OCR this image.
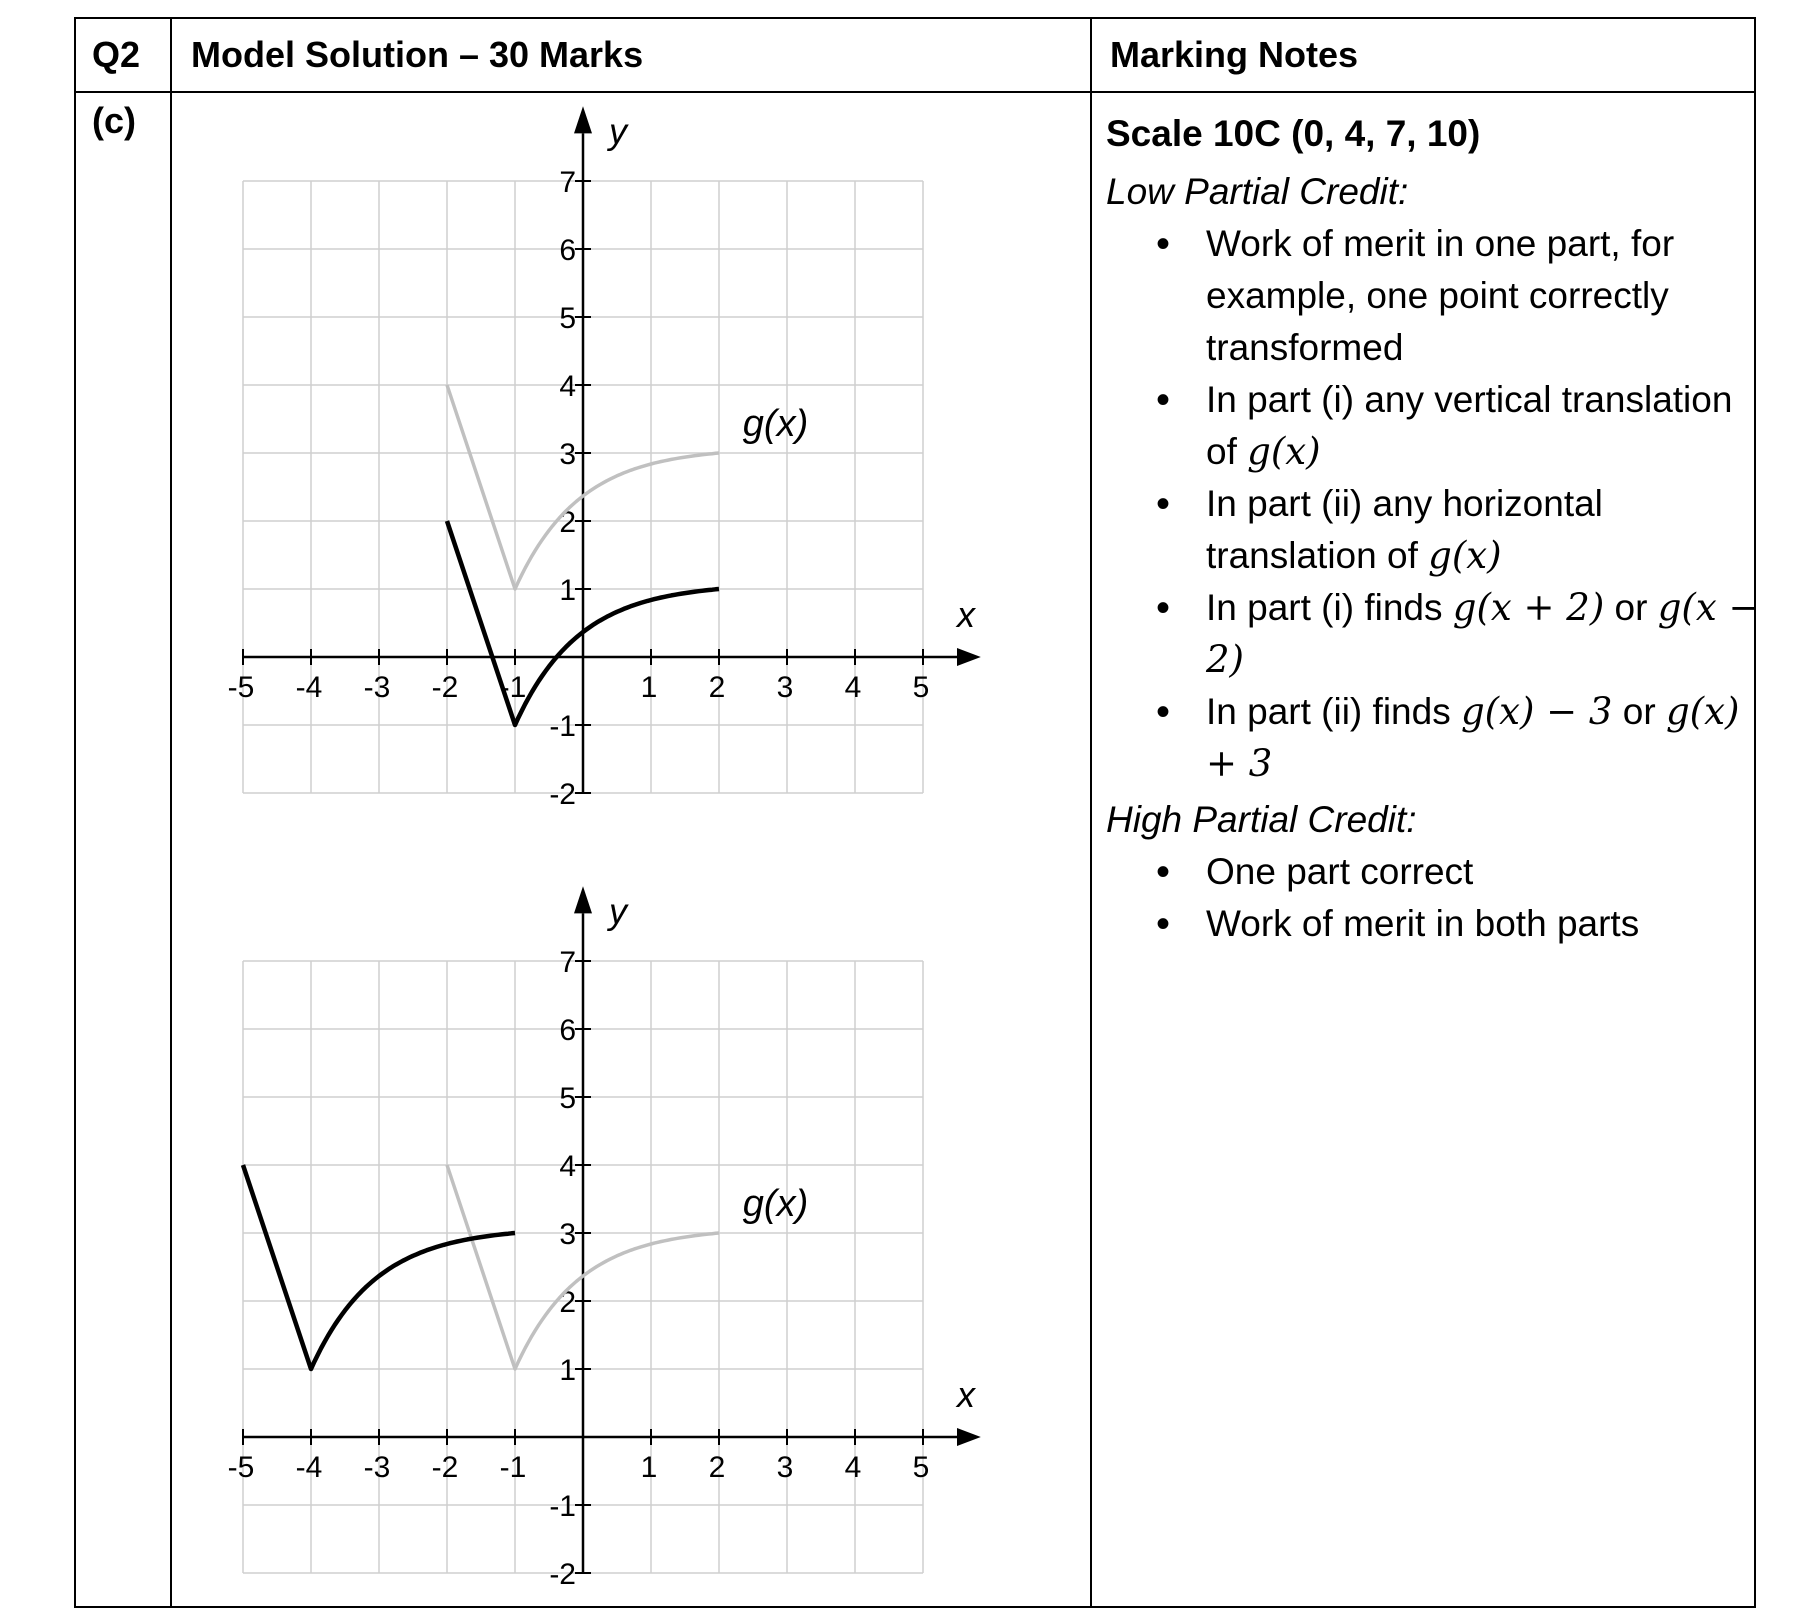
Q2 Model Solution – 30 Marks	Marking Notes
(c)
-5 -4 -3 -2 -1	1 2 3 4 5
7
6
5
4
3
2
1
-1
-2
x
y
g(x)
-5 -4 -3 -2 -1	1 2 3 4 5
7
6
5
4
3
2
1
-1
-2
x
y
g(x)
Scale 10C (0, 4, 7, 10)
Low Partial Credit:
• Work of merit in one part, for example, one point correctly transformed
• In part (i) any vertical translation of g(x)
• In part (ii) any horizontal translation of g(x)
• In part (i) finds g(x + 2) or g(x − 2)
• In part (ii) finds g(x) − 3 or g(x) + 3
High Partial Credit:
• One part correct
• Work of merit in both parts
